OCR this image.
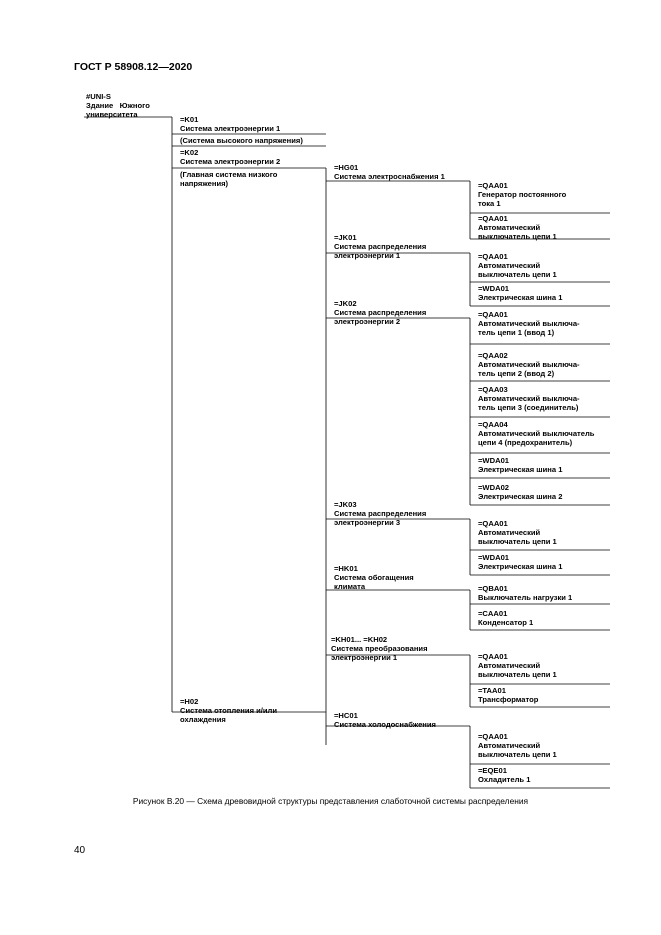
ГОСТ Р 58908.12—2020
#UNI-S
Здание   Южного
университета
=K01
Система электроэнергии 1
(Система высокого напряжения)
=K02
Система электроэнергии 2
(Главная система низкого
напряжения)
=H02
Система отопления и/или
охлаждения
=HG01
Система электроснабжения 1
=JK01
Система распределения
электроэнергии 1
=JK02
Система распределения
электроэнергии 2
=JK03
Система распределения
электроэнергии 3
=HK01
Система обогащения
климата
=KH01... =KH02
Система преобразования
электроэнергии 1
=HC01
Система холодоснабжения
=QAA01
Генератор постоянного
тока 1
=QAA01
Автоматический
выключатель цепи 1
=QAA01
Автоматический
выключатель цепи 1
=WDA01
Электрическая шина 1
=QAA01
Автоматический выключа-
тель цепи 1 (ввод 1)
=QAA02
Автоматический выключа-
тель цепи 2 (ввод 2)
=QAA03
Автоматический выключа-
тель цепи 3 (соединитель)
=QAA04
Автоматический выключатель
цепи 4 (предохранитель)
=WDA01
Электрическая шина 1
=WDA02
Электрическая шина 2
=QAA01
Автоматический
выключатель цепи 1
=WDA01
Электрическая шина 1
=QBA01
Выключатель нагрузки 1
=CAA01
Конденсатор 1
=QAA01
Автоматический
выключатель цепи 1
=TAA01
Трансформатор
=QAA01
Автоматический
выключатель цепи 1
=EQE01
Охладитель 1
Рисунок В.20 — Схема древовидной структуры представления слаботочной системы распределения
40
